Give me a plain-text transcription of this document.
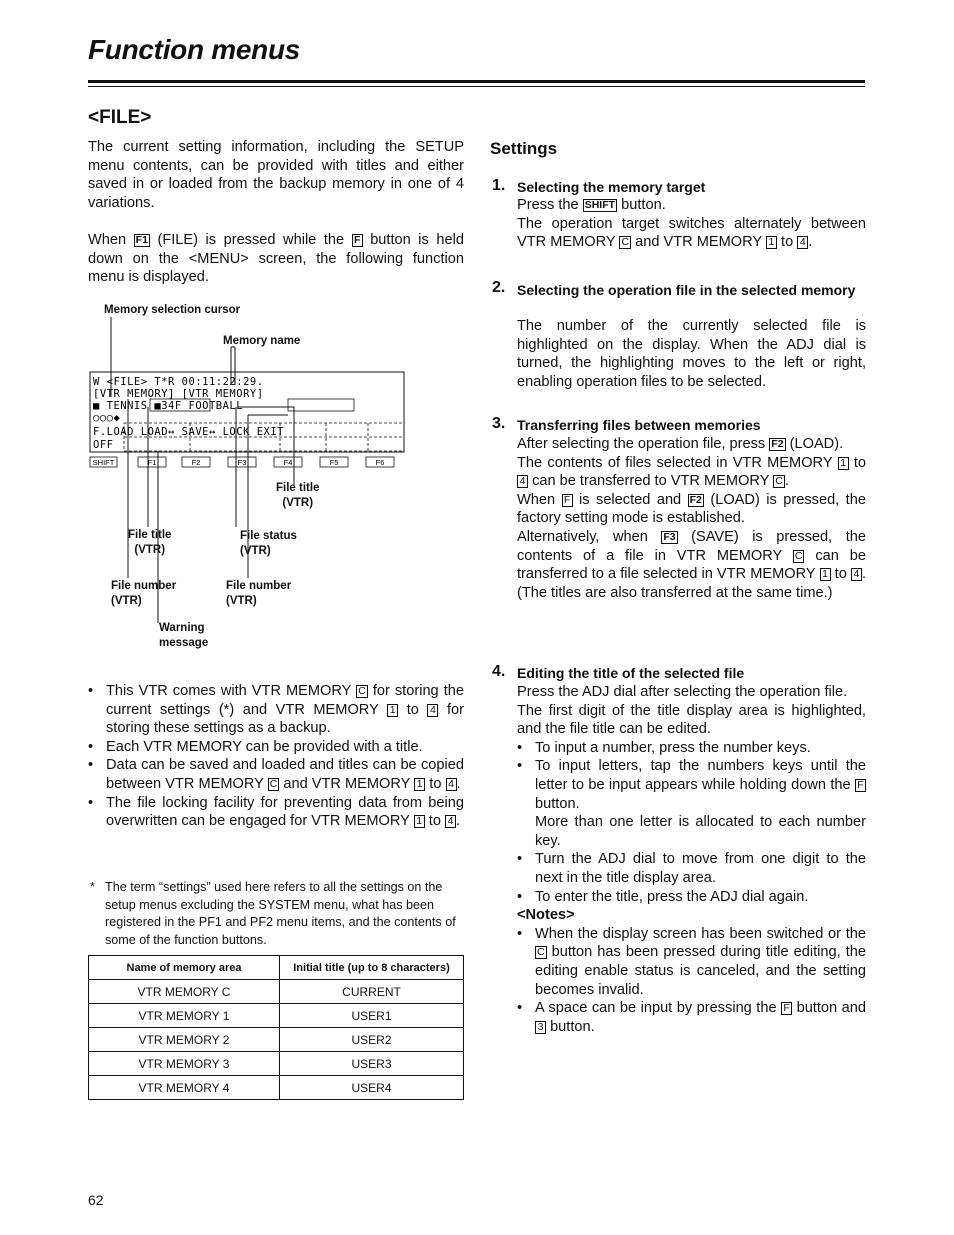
Function menus
<FILE>
The current setting information, including the SETUP menu contents, can be provided with titles and either saved in or loaded from the backup memory in one of 4 variations.
When F1 (FILE) is pressed while the F button is held down on the <MENU> screen, the following function menu is displayed.
W <FILE> T*R 00:11:22:29.
[VTR MEMORY] [VTR MEMORY]
■ TENNIS ■34F FOOTBALL
○○○◆
F.LOAD LOAD↔ SAVE↔ LOCK EXIT
OFF
SHIFT	F1	F2	F3	F4	F5	F6
Memory selection cursor
Memory name
File title
(VTR)
File title
(VTR)
File status
(VTR)
File number
(VTR)
File number
(VTR)
Warning
message
• This VTR comes with VTR MEMORY C for storing the current settings (*) and VTR MEMORY 1 to 4 for storing these settings as a backup.
• Each VTR MEMORY can be provided with a title.
• Data can be saved and loaded and titles can be copied between VTR MEMORY C and VTR MEMORY 1 to 4 .
• The file locking facility for preventing data from being overwritten can be engaged for VTR MEMORY 1 to 4 .
* The term “settings” used here refers to all the settings on the setup menus excluding the SYSTEM menu, what has been registered in the PF1 and PF2 menu items, and the contents of some of the function buttons.
Name of memory area	Initial title (up to 8 characters)
VTR MEMORY C	CURRENT
VTR MEMORY 1	USER1
VTR MEMORY 2	USER2
VTR MEMORY 3	USER3
VTR MEMORY 4	USER4
Settings
1. Selecting the memory target
Press the SHIFT button.
The operation target switches alternately between VTR MEMORY C and VTR MEMORY 1 to 4 .
2. Selecting the operation file in the selected memory
The number of the currently selected file is highlighted on the display. When the ADJ dial is turned, the highlighting moves to the left or right, enabling operation files to be selected.
3. Transferring files between memories
After selecting the operation file, press F2 (LOAD).
The contents of files selected in VTR MEMORY 1 to 4 can be transferred to VTR MEMORY C .
When F is selected and F2 (LOAD) is pressed, the factory setting mode is established.
Alternatively, when F3 (SAVE) is pressed, the contents of a file in VTR MEMORY C can be transferred to a file selected in VTR MEMORY 1 to 4 . (The titles are also transferred at the same time.)
4. Editing the title of the selected file
Press the ADJ dial after selecting the operation file.
The first digit of the title display area is highlighted, and the file title can be edited.
• To input a number, press the number keys.
• To input letters, tap the numbers keys until the letter to be input appears while holding down the F button.
More than one letter is allocated to each number key.
• Turn the ADJ dial to move from one digit to the next in the title display area.
• To enter the title, press the ADJ dial again.
<Notes>
• When the display screen has been switched or the C button has been pressed during title editing, the editing enable status is canceled, and the setting becomes invalid.
• A space can be input by pressing the F button and 3 button.
62
